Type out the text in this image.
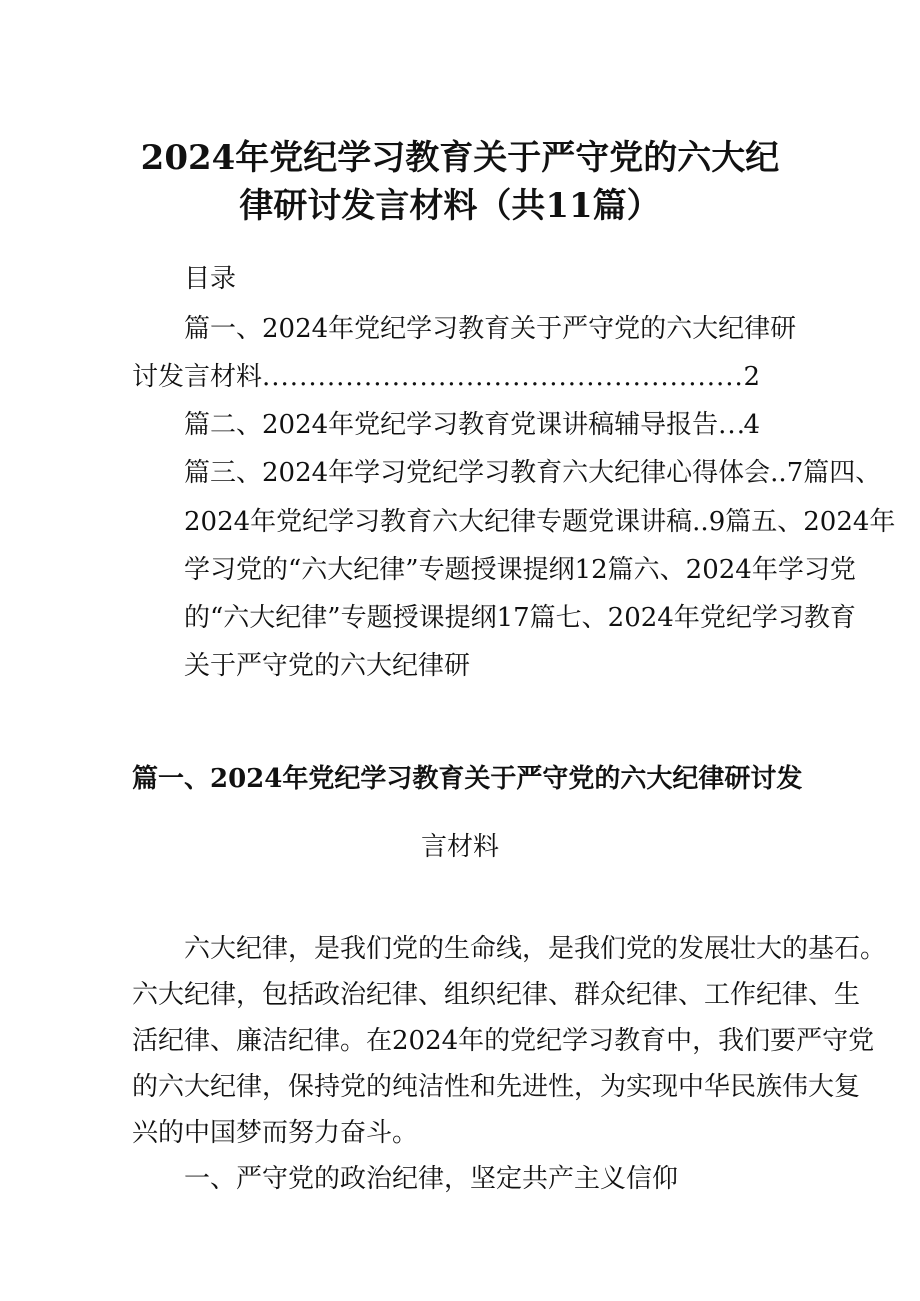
2024年党纪学习教育关于严守党的六大纪
律研讨发言材料（共11篇）
目录
篇一、2024年党纪学习教育关于严守党的六大纪律研
讨发言材料 .....	2
篇二、2024年党纪学习教育党课讲稿辅导报告 ..... 4
篇三、2024年学习党纪学习教育六大纪律心得体会..7篇四、
2024年党纪学习教育六大纪律专题党课讲稿..9篇五、2024年
学习党的“六大纪律”专题授课提纲12篇六、2024年学习党
的“六大纪律”专题授课提纲17篇七、2024年党纪学习教育
关于严守党的六大纪律研
篇一、2024年党纪学习教育关于严守党的六大纪律研讨发
言材料
六大纪律，是我们党的生命线，是我们党的发展壮大的基石。
六大纪律，包括政治纪律、组织纪律、群众纪律、工作纪律、生
活纪律、廉洁纪律。在2024年的党纪学习教育中，我们要严守党
的六大纪律，保持党的纯洁性和先进性，为实现中华民族伟大复
兴的中国梦而努力奋斗。
一、严守党的政治纪律，坚定共产主义信仰
